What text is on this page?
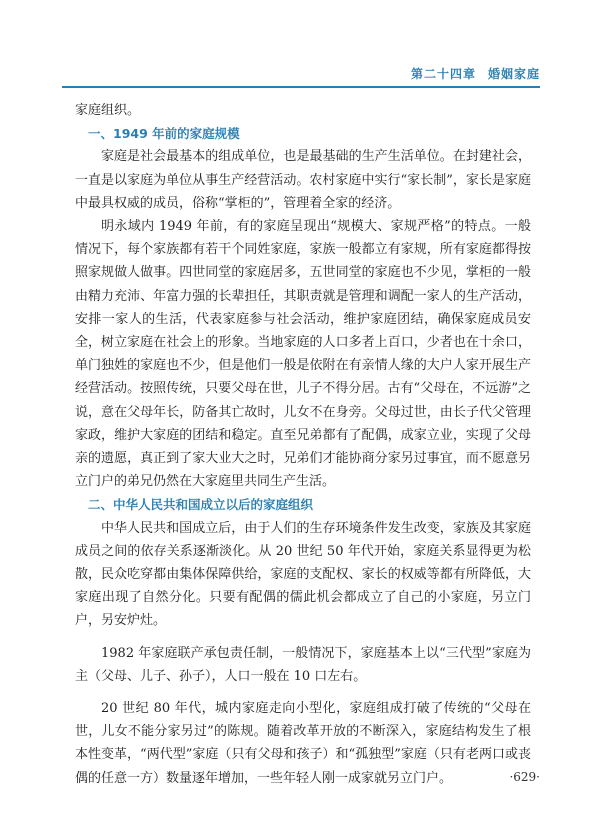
第二十四章 婚姻家庭

家庭组织。

一、1949 年前的家庭规模

家庭是社会最基本的组成单位，也是最基础的生产生活单位。在封建社会，一直是以家庭为单位从事生产经营活动。农村家庭中实行“家长制”，家长是家庭中最具权威的成员，俗称“掌柜的”，管理着全家的经济。

明永域内 1949 年前，有的家庭呈现出“规模大、家规严格”的特点。一般情况下，每个家族都有若干个同姓家庭，家族一般都立有家规，所有家庭都得按照家规做人做事。四世同堂的家庭居多，五世同堂的家庭也不少见，掌柜的一般由精力充沛、年富力强的长辈担任，其职责就是管理和调配一家人的生产活动，安排一家人的生活，代表家庭参与社会活动，维护家庭团结，确保家庭成员安全，树立家庭在社会上的形象。当地家庭的人口多者上百口，少者也在十余口，单门独姓的家庭也不少，但是他们一般是依附在有亲情人缘的大户人家开展生产经营活动。按照传统，只要父母在世，儿子不得分居。古有“父母在，不远游”之说，意在父母年长，防备其亡故时，儿女不在身旁。父母过世，由长子代父管理家政，维护大家庭的团结和稳定。直至兄弟都有了配偶，成家立业，实现了父母亲的遗愿，真正到了家大业大之时，兄弟们才能协商分家另过事宜，而不愿意另立门户的弟兄仍然在大家庭里共同生产生活。

二、中华人民共和国成立以后的家庭组织

中华人民共和国成立后，由于人们的生存环境条件发生改变，家族及其家庭成员之间的依存关系逐渐淡化。从 20 世纪 50 年代开始，家庭关系显得更为松散，民众吃穿都由集体保障供给，家庭的支配权、家长的权威等都有所降低，大家庭出现了自然分化。只要有配偶的儒此机会都成立了自己的小家庭，另立门户，另安炉灶。

1982 年家庭联产承包责任制，一般情况下，家庭基本上以“三代型”家庭为主（父母、儿子、孙子），人口一般在 10 口左右。

20 世纪 80 年代，城内家庭走向小型化，家庭组成打破了传统的“父母在世，儿女不能分家另过”的陈规。随着改革开放的不断深入，家庭结构发生了根本性变革，“两代型”家庭（只有父母和孩子）和“孤独型”家庭（只有老两口或丧偶的任意一方）数量逐年增加，一些年轻人刚一成家就另立门户。	·629·
